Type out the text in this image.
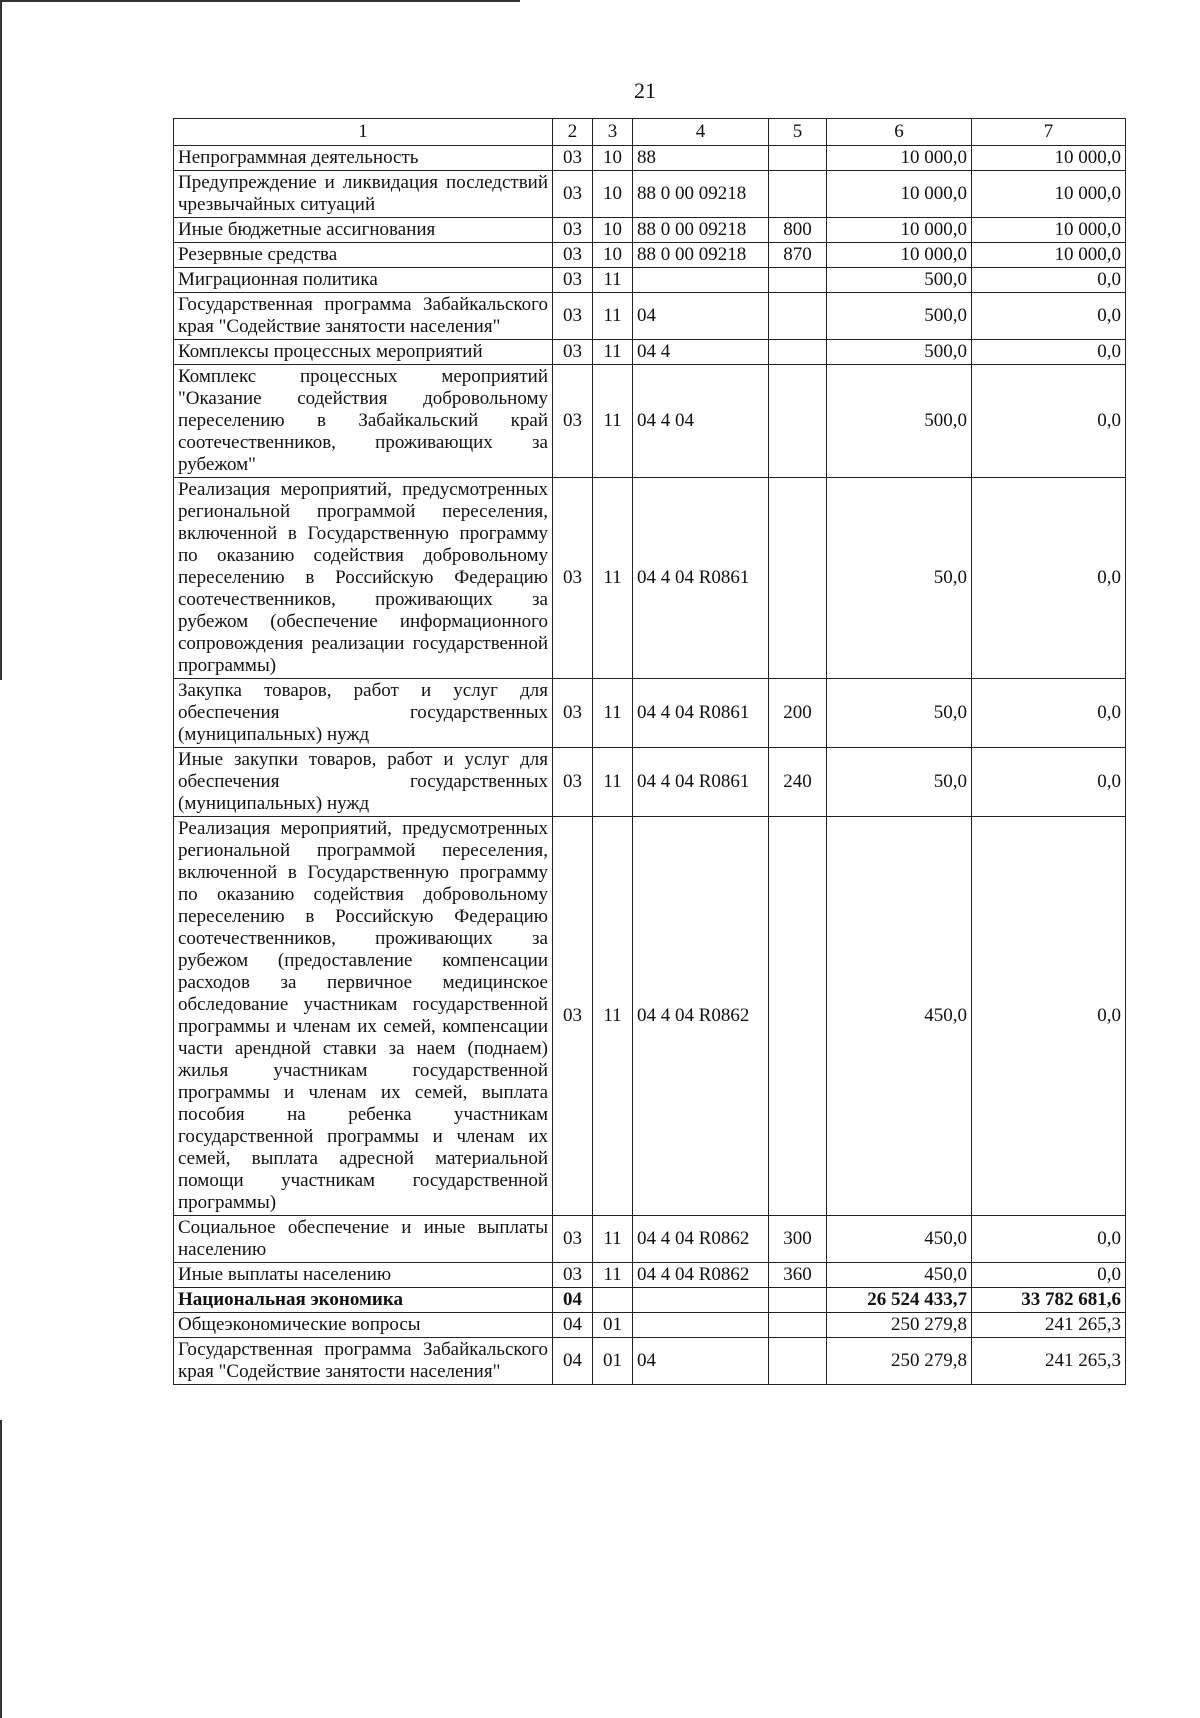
21
1	2	3	4	5	6	7
Непрограммная деятельность	03	10	88		10 000,0	10 000,0
Предупреждение и ликвидация последствий чрезвычайных ситуаций	03	10	88 0 00 09218		10 000,0	10 000,0
Иные бюджетные ассигнования	03	10	88 0 00 09218	800	10 000,0	10 000,0
Резервные средства	03	10	88 0 00 09218	870	10 000,0	10 000,0
Миграционная политика	03	11			500,0	0,0
Государственная программа Забайкальского края "Содействие занятости населения"	03	11	04		500,0	0,0
Комплексы процессных мероприятий	03	11	04 4		500,0	0,0
Комплекс процессных мероприятий "Оказание содействия добровольному переселению в Забайкальский край соотечественников, проживающих за рубежом"	03	11	04 4 04		500,0	0,0
Реализация мероприятий, предусмотренных региональной программой переселения, включенной в Государственную программу по оказанию содействия добровольному переселению в Российскую Федерацию соотечественников, проживающих за рубежом (обеспечение информационного сопровождения реализации государственной программы)	03	11	04 4 04 R0861		50,0	0,0
Закупка товаров, работ и услуг для обеспечения государственных (муниципальных) нужд	03	11	04 4 04 R0861	200	50,0	0,0
Иные закупки товаров, работ и услуг для обеспечения государственных (муниципальных) нужд	03	11	04 4 04 R0861	240	50,0	0,0
Реализация мероприятий, предусмотренных региональной программой переселения, включенной в Государственную программу по оказанию содействия добровольному переселению в Российскую Федерацию соотечественников, проживающих за рубежом (предоставление компенсации расходов за первичное медицинское обследование участникам государственной программы и членам их семей, компенсации части арендной ставки за наем (поднаем) жилья участникам государственной программы и членам их семей, выплата пособия на ребенка участникам государственной программы и членам их семей, выплата адресной материальной помощи участникам государственной программы)	03	11	04 4 04 R0862		450,0	0,0
Социальное обеспечение и иные выплаты населению	03	11	04 4 04 R0862	300	450,0	0,0
Иные выплаты населению	03	11	04 4 04 R0862	360	450,0	0,0
Национальная экономика	04				26 524 433,7	33 782 681,6
Общеэкономические вопросы	04	01			250 279,8	241 265,3
Государственная программа Забайкальского края "Содействие занятости населения"	04	01	04		250 279,8	241 265,3
